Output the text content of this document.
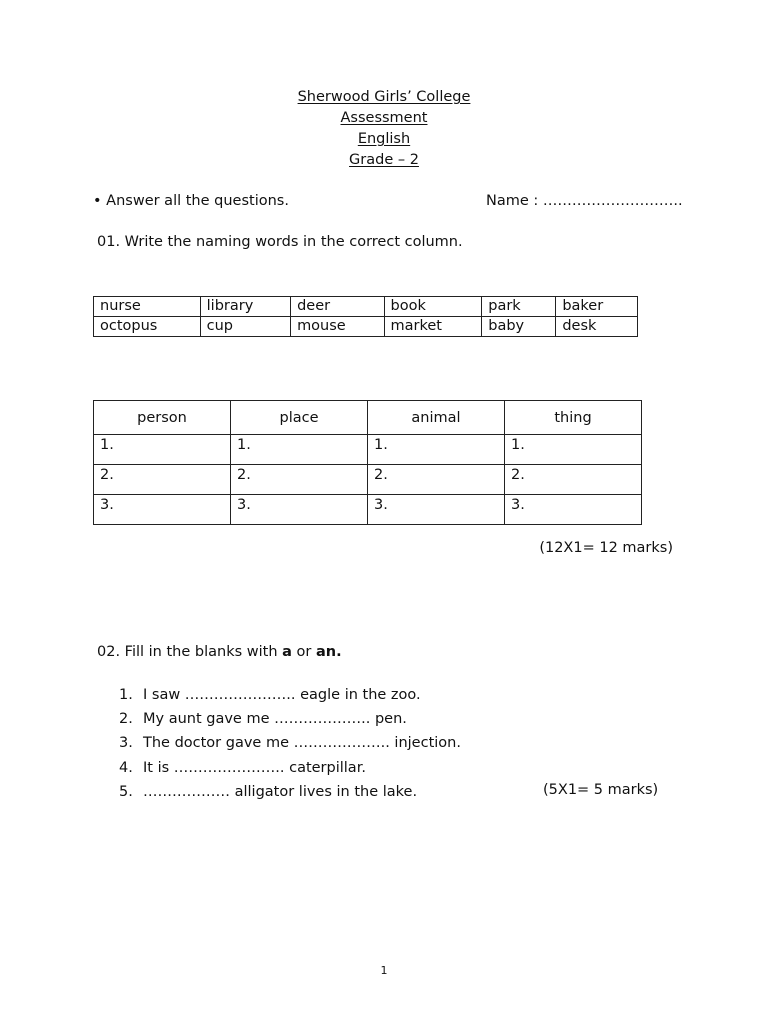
Sherwood Girls’ College
Assessment
English
Grade – 2
• Answer all the questions.	Name : ………………………..
01. Write the naming words in the correct column.
nurse	library	deer	book	park	baker
octopus	cup	mouse	market	baby	desk
person	place	animal	thing
1.	1.	1.	1.
2.	2.	2.	2.
3.	3.	3.	3.
(12X1= 12 marks)
02. Fill in the blanks with a or an.
1. I saw ………………….. eagle in the zoo.
2. My aunt gave me ……………….. pen.
3. The doctor gave me ……………….. injection.
4. It is ………………….. caterpillar.
5. ……………… alligator lives in the lake.	(5X1= 5 marks)
1
